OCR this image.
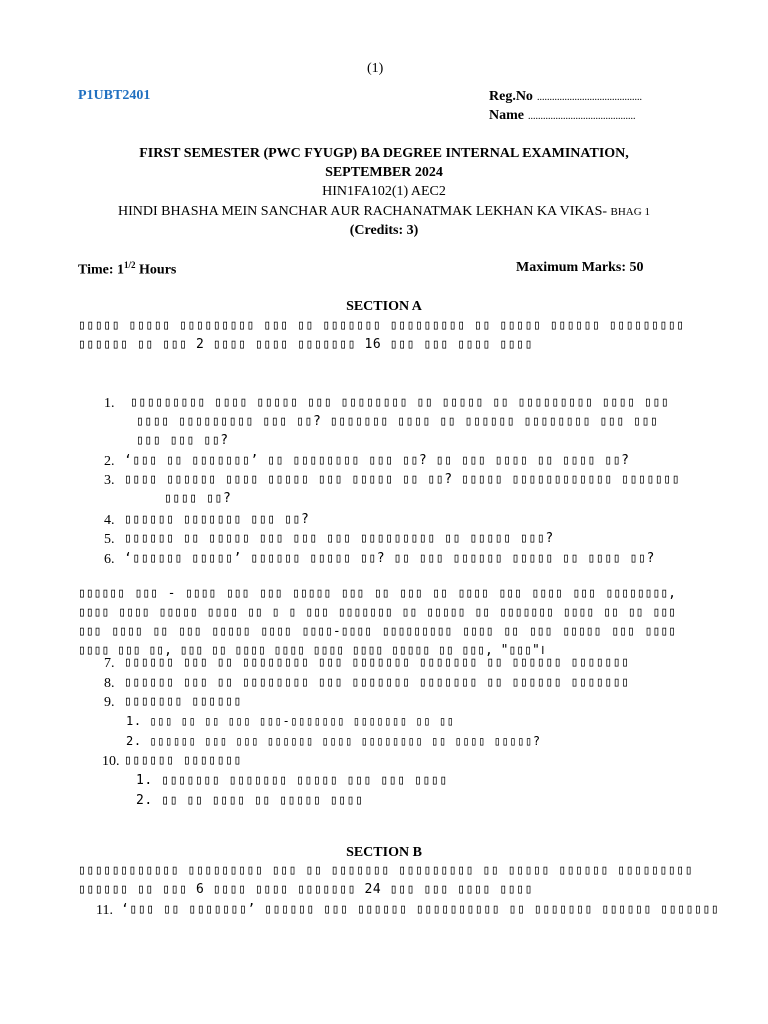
(1)
P1UBT2401	Reg.No ..........................................
Name ...........................................
FIRST SEMESTER (PWC FYUGP) BA DEGREE INTERNAL EXAMINATION,
SEPTEMBER 2024
HIN1FA102(1) AEC2
HINDI BHASHA MEIN SANCHAR AUR RACHANATMAK LEKHAN KA VIKAS- BHAG 1
(Credits: 3)
Time: $1^{1/2}$ Hours	Maximum Marks: 50
SECTION A
▯▯▯▯▯ ▯▯▯▯▯ ▯▯▯▯▯▯▯▯▯ ▯▯▯ ▯▯ ▯▯▯▯▯▯▯ ▯▯▯▯▯▯▯▯▯ ▯▯ ▯▯▯▯▯ ▯▯▯▯▯▯ ▯▯▯▯▯▯▯▯▯
▯▯▯▯▯▯ ▯▯ ▯▯▯ 2 ▯▯▯▯ ▯▯▯▯ ▯▯▯▯▯▯▯ 16 ▯▯▯ ▯▯▯ ▯▯▯▯ ▯▯▯▯
1. ▯▯▯▯▯▯▯▯▯ ▯▯▯▯ ▯▯▯▯▯ ▯▯▯ ▯▯▯▯▯▯▯▯ ▯▯ ▯▯▯▯▯ ▯▯ ▯▯▯▯▯▯▯▯▯ ▯▯▯▯ ▯▯▯
▯▯▯▯ ▯▯▯▯▯▯▯▯▯ ▯▯▯ ▯▯? ▯▯▯▯▯▯▯ ▯▯▯▯ ▯▯ ▯▯▯▯▯▯ ▯▯▯▯▯▯▯▯ ▯▯▯ ▯▯▯
▯▯▯ ▯▯▯ ▯▯?
2. ‘▯▯▯ ▯▯ ▯▯▯▯▯▯▯’ ▯▯ ▯▯▯▯▯▯▯▯ ▯▯▯ ▯▯? ▯▯ ▯▯▯ ▯▯▯▯ ▯▯ ▯▯▯▯ ▯▯?
3. ▯▯▯▯ ▯▯▯▯▯▯ ▯▯▯▯ ▯▯▯▯▯ ▯▯▯ ▯▯▯▯▯ ▯▯ ▯▯? ▯▯▯▯▯ ▯▯▯▯▯▯▯▯▯▯▯▯ ▯▯▯▯▯▯▯
▯▯▯▯ ▯▯?
4. ▯▯▯▯▯▯ ▯▯▯▯▯▯▯ ▯▯▯ ▯▯?
5. ▯▯▯▯▯▯ ▯▯ ▯▯▯▯▯ ▯▯▯ ▯▯▯ ▯▯▯ ▯▯▯▯▯▯▯▯▯ ▯▯ ▯▯▯▯▯ ▯▯▯?
6. ‘▯▯▯▯▯▯ ▯▯▯▯▯’ ▯▯▯▯▯▯ ▯▯▯▯▯ ▯▯? ▯▯ ▯▯▯ ▯▯▯▯▯▯ ▯▯▯▯▯ ▯▯ ▯▯▯▯ ▯▯?
▯▯▯▯▯▯ ▯▯▯ - ▯▯▯▯ ▯▯▯ ▯▯▯ ▯▯▯▯▯ ▯▯▯ ▯▯ ▯▯▯ ▯▯ ▯▯▯▯ ▯▯▯ ▯▯▯▯ ▯▯▯ ▯▯▯▯▯▯▯▯, ▯▯▯▯ ▯▯▯▯ ▯▯▯▯▯ ▯▯▯▯ ▯▯ ▯ ▯ ▯▯▯ ▯▯▯▯▯▯▯ ▯▯ ▯▯▯▯▯ ▯▯ ▯▯▯▯▯▯▯ ▯▯▯▯ ▯▯ ▯▯ ▯▯▯ ▯▯▯ ▯▯▯▯ ▯▯ ▯▯▯ ▯▯▯▯▯ ▯▯▯▯ ▯▯▯▯-▯▯▯▯ ▯▯▯▯▯▯▯▯▯ ▯▯▯▯ ▯▯ ▯▯▯ ▯▯▯▯▯ ▯▯▯ ▯▯▯▯ ▯▯▯▯ ▯▯▯ ▯▯, ▯▯▯ ▯▯ ▯▯▯▯ ▯▯▯▯ ▯▯▯▯ ▯▯▯▯ ▯▯▯▯▯ ▯▯ ▯▯▯, "▯▯▯"।
7. ▯▯▯▯▯▯ ▯▯▯ ▯▯ ▯▯▯▯▯▯▯▯ ▯▯▯ ▯▯▯▯▯▯▯ ▯▯▯▯▯▯▯ ▯▯ ▯▯▯▯▯▯ ▯▯▯▯▯▯▯
8. ▯▯▯▯▯▯ ▯▯▯ ▯▯ ▯▯▯▯▯▯▯▯ ▯▯▯ ▯▯▯▯▯▯▯ ▯▯▯▯▯▯▯ ▯▯ ▯▯▯▯▯▯ ▯▯▯▯▯▯▯
9. ▯▯▯▯▯▯▯ ▯▯▯▯▯▯
1. ▯▯▯ ▯▯ ▯▯ ▯▯▯ ▯▯▯-▯▯▯▯▯▯▯ ▯▯▯▯▯▯▯ ▯▯ ▯▯
2. ▯▯▯▯▯▯ ▯▯▯ ▯▯▯ ▯▯▯▯▯▯ ▯▯▯▯ ▯▯▯▯▯▯▯▯ ▯▯ ▯▯▯▯ ▯▯▯▯▯?
10. ▯▯▯▯▯▯ ▯▯▯▯▯▯▯
1. ▯▯▯▯▯▯▯ ▯▯▯▯▯▯▯ ▯▯▯▯▯ ▯▯▯ ▯▯▯ ▯▯▯▯
2. ▯▯ ▯▯ ▯▯▯▯ ▯▯ ▯▯▯▯▯ ▯▯▯▯
SECTION B
▯▯▯▯▯▯▯▯▯▯▯▯ ▯▯▯▯▯▯▯▯▯ ▯▯▯ ▯▯ ▯▯▯▯▯▯▯ ▯▯▯▯▯▯▯▯▯ ▯▯ ▯▯▯▯▯ ▯▯▯▯▯▯ ▯▯▯▯▯▯▯▯▯
▯▯▯▯▯▯ ▯▯ ▯▯▯ 6 ▯▯▯▯ ▯▯▯▯ ▯▯▯▯▯▯▯ 24 ▯▯▯ ▯▯▯ ▯▯▯▯ ▯▯▯▯
11. ‘▯▯▯ ▯▯ ▯▯▯▯▯▯▯’ ▯▯▯▯▯▯ ▯▯▯ ▯▯▯▯▯▯ ▯▯▯▯▯▯▯▯▯▯ ▯▯ ▯▯▯▯▯▯▯ ▯▯▯▯▯▯ ▯▯▯▯▯▯▯
